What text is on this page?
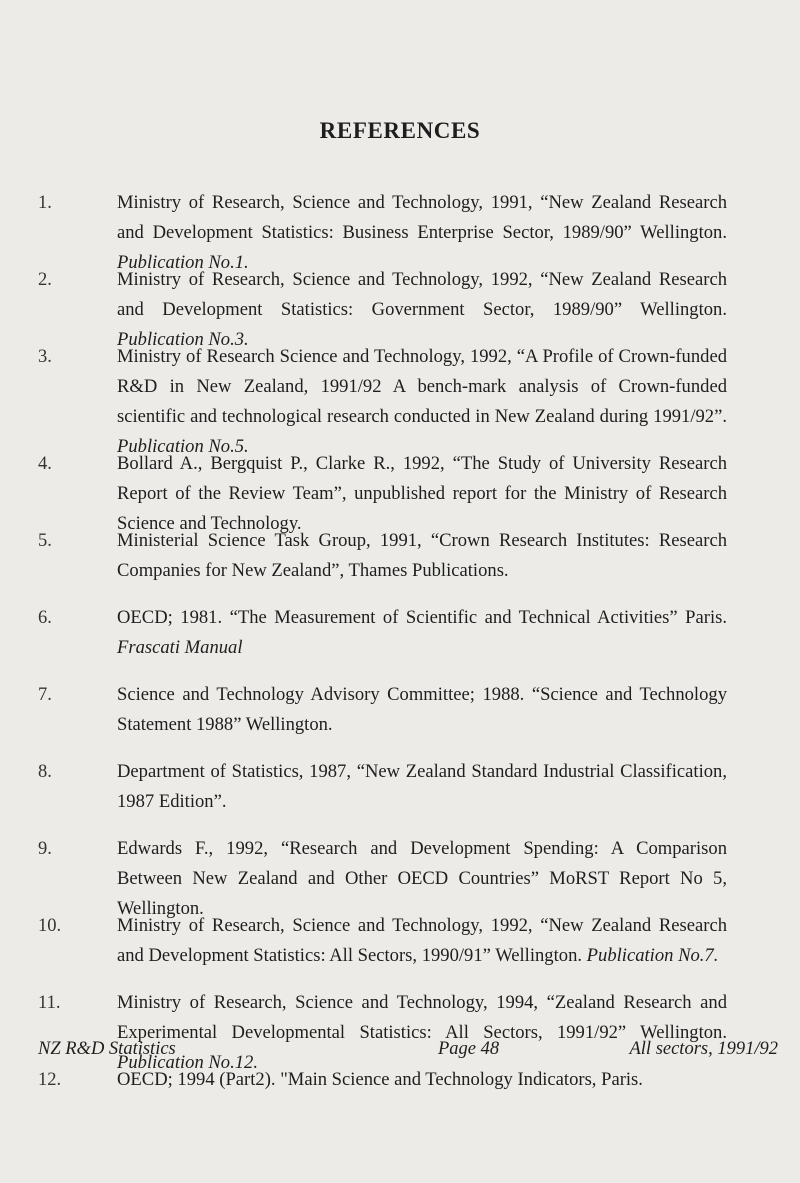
REFERENCES
1.	Ministry of Research, Science and Technology, 1991, “New Zealand Research and Development Statistics: Business Enterprise Sector, 1989/90” Wellington. Publication No.1.
2.	Ministry of Research, Science and Technology, 1992, “New Zealand Research and Development Statistics: Government Sector, 1989/90” Wellington. Publication No.3.
3.	Ministry of Research Science and Technology, 1992, “A Profile of Crown-funded R&D in New Zealand, 1991/92 A bench-mark analysis of Crown-funded scientific and technological research conducted in New Zealand during 1991/92”. Publication No.5.
4.	Bollard A., Bergquist P., Clarke R., 1992, “The Study of University Research Report of the Review Team”, unpublished report for the Ministry of Research Science and Technology.
5.	Ministerial Science Task Group, 1991, “Crown Research Institutes: Research Companies for New Zealand”, Thames Publications.
6.	OECD; 1981. “The Measurement of Scientific and Technical Activities” Paris. Frascati Manual
7.	Science and Technology Advisory Committee; 1988. “Science and Technology Statement 1988” Wellington.
8.	Department of Statistics, 1987, “New Zealand Standard Industrial Classification, 1987 Edition”.
9.	Edwards F., 1992, “Research and Development Spending: A Comparison Between New Zealand and Other OECD Countries” MoRST Report No 5, Wellington.
10.	Ministry of Research, Science and Technology, 1992, “New Zealand Research and Development Statistics: All Sectors, 1990/91” Wellington. Publication No.7.
11.	Ministry of Research, Science and Technology, 1994, “Zealand Research and Experimental Developmental Statistics: All Sectors, 1991/92” Wellington. Publication No.12.
12.	OECD; 1994 (Part2). "Main Science and Technology Indicators, Paris.
NZ R&D Statistics	Page 48	All sectors, 1991/92
